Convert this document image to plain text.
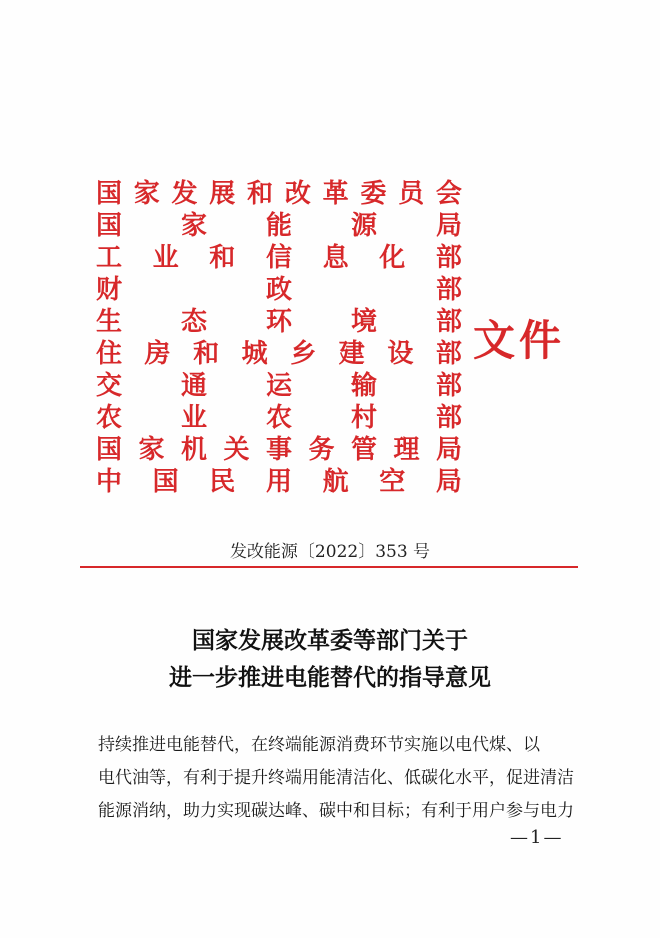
国 家 发 展 和 改 革 委 员 会
国 家 能 源 局
工 业 和 信 息 化 部
财	政	部
生 态 环 境 部
住 房 和 城 乡 建 设 部
交 通 运 输 部
农 业 农 村 部
国 家 机 关 事 务 管 理 局
中 国 民 用 航 空 局
文件
发改能源〔2022〕353 号
国家发展改革委等部门关于
进一步推进电能替代的指导意见

持续推进电能替代，在终端能源消费环节实施以电代煤、以

电代油等，有利于提升终端用能清洁化、低碳化水平，促进清洁

能源消纳，助力实现碳达峰、碳中和目标；有利于用户参与电力

—1—
